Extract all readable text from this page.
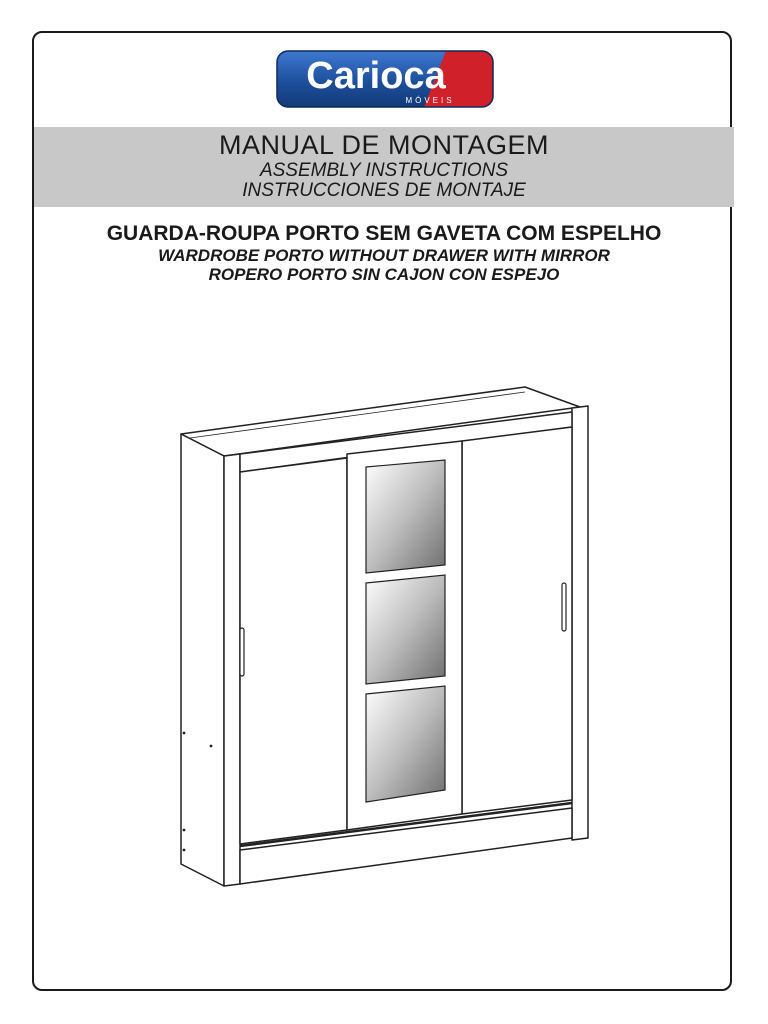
Carioca
MÓVEIS
MANUAL DE MONTAGEM
ASSEMBLY INSTRUCTIONS
INSTRUCCIONES DE MONTAJE
GUARDA-ROUPA PORTO SEM GAVETA COM ESPELHO
WARDROBE PORTO WITHOUT DRAWER WITH MIRROR
ROPERO PORTO SIN CAJON CON ESPEJO
